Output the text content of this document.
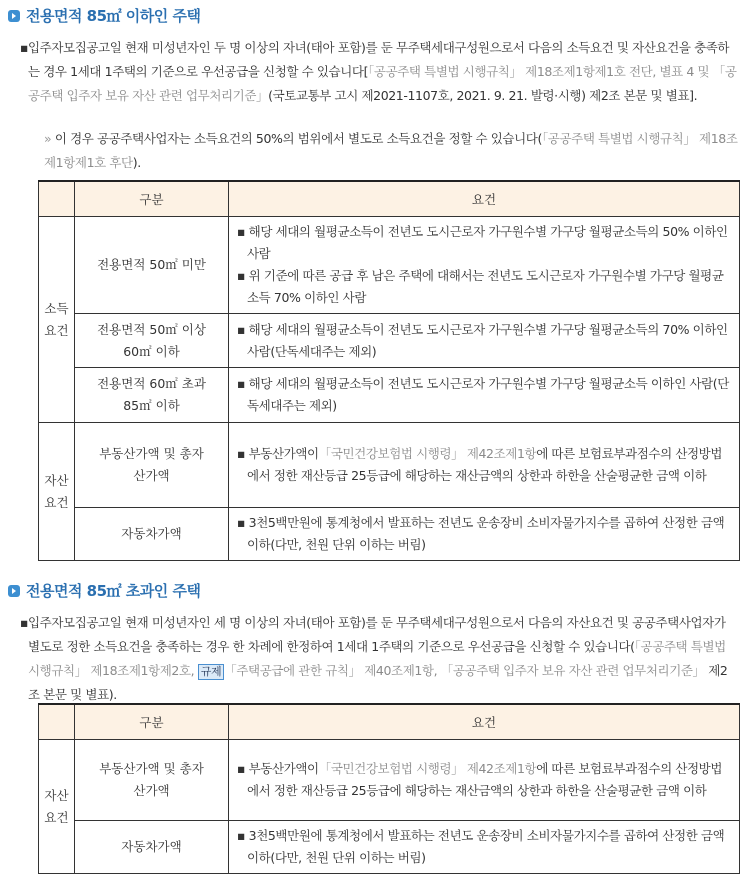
전용면적 85㎡ 이하인 주택
▪ 입주자모집공고일 현재 미성년자인 두 명 이상의 자녀(태아 포함)를 둔 무주택세대구성원으로서 다음의 소득요건 및 자산요건을 충족하는 경우 1세대 1주택의 기준으로 우선공급을 신청할 수 있습니다[「공공주택 특별법 시행규칙」 제18조제1항제1호 전단, 별표 4 및 「공공주택 입주자 보유 자산 관련 업무처리기준」(국토교통부 고시 제2021-1107호, 2021. 9. 21. 발령·시행) 제2조 본문 및 별표].
» 이 경우 공공주택사업자는 소득요건의 50%의 범위에서 별도로 소득요건을 정할 수 있습니다(「공공주택 특별법 시행규칙」 제18조제1항제1호 후단).
	구분	요건
소득 요건	전용면적 50㎡ 미만	▪ 해당 세대의 월평균소득이 전년도 도시근로자 가구원수별 가구당 월평균소득의 50% 이하인 사람
▪ 위 기준에 따른 공급 후 남은 주택에 대해서는 전년도 도시근로자 가구원수별 가구당 월평균소득 70% 이하인 사람

	전용면적 50㎡ 이상 60㎡ 이하	▪ 해당 세대의 월평균소득이 전년도 도시근로자 가구원수별 가구당 월평균소득의 70% 이하인 사람(단독세대주는 제외)

	전용면적 60㎡ 초과 85㎡ 이하	▪ 해당 세대의 월평균소득이 전년도 도시근로자 가구원수별 가구당 월평균소득 이하인 사람(단독세대주는 제외)

자산 요건	부동산가액 및 총자산가액	▪ 부동산가액이「국민건강보험법 시행령」 제42조제1항에 따른 보험료부과점수의 산정방법에서 정한 재산등급 25등급에 해당하는 재산금액의 상한과 하한을 산술평균한 금액 이하

	자동차가액	▪ 3천5백만원에 통계청에서 발표하는 전년도 운송장비 소비자물가지수를 곱하여 산정한 금액 이하(다만, 천원 단위 이하는 버림)
전용면적 85㎡ 초과인 주택
▪ 입주자모집공고일 현재 미성년자인 세 명 이상의 자녀(태아 포함)를 둔 무주택세대구성원으로서 다음의 자산요건 및 공공주택사업자가 별도로 정한 소득요건을 충족하는 경우 한 차례에 한정하여 1세대 1주택의 기준으로 우선공급을 신청할 수 있습니다(「공공주택 특별법 시행규칙」 제18조제1항제2호, 규제 「주택공급에 관한 규칙」 제40조제1항, 「공공주택 입주자 보유 자산 관련 업무처리기준」 제2조 본문 및 별표).
	구분	요건
자산 요건	부동산가액 및 총자산가액	▪ 부동산가액이「국민건강보험법 시행령」 제42조제1항에 따른 보험료부과점수의 산정방법에서 정한 재산등급 25등급에 해당하는 재산금액의 상한과 하한을 산술평균한 금액 이하

	자동차가액	▪ 3천5백만원에 통계청에서 발표하는 전년도 운송장비 소비자물가지수를 곱하여 산정한 금액 이하(다만, 천원 단위 이하는 버림)
